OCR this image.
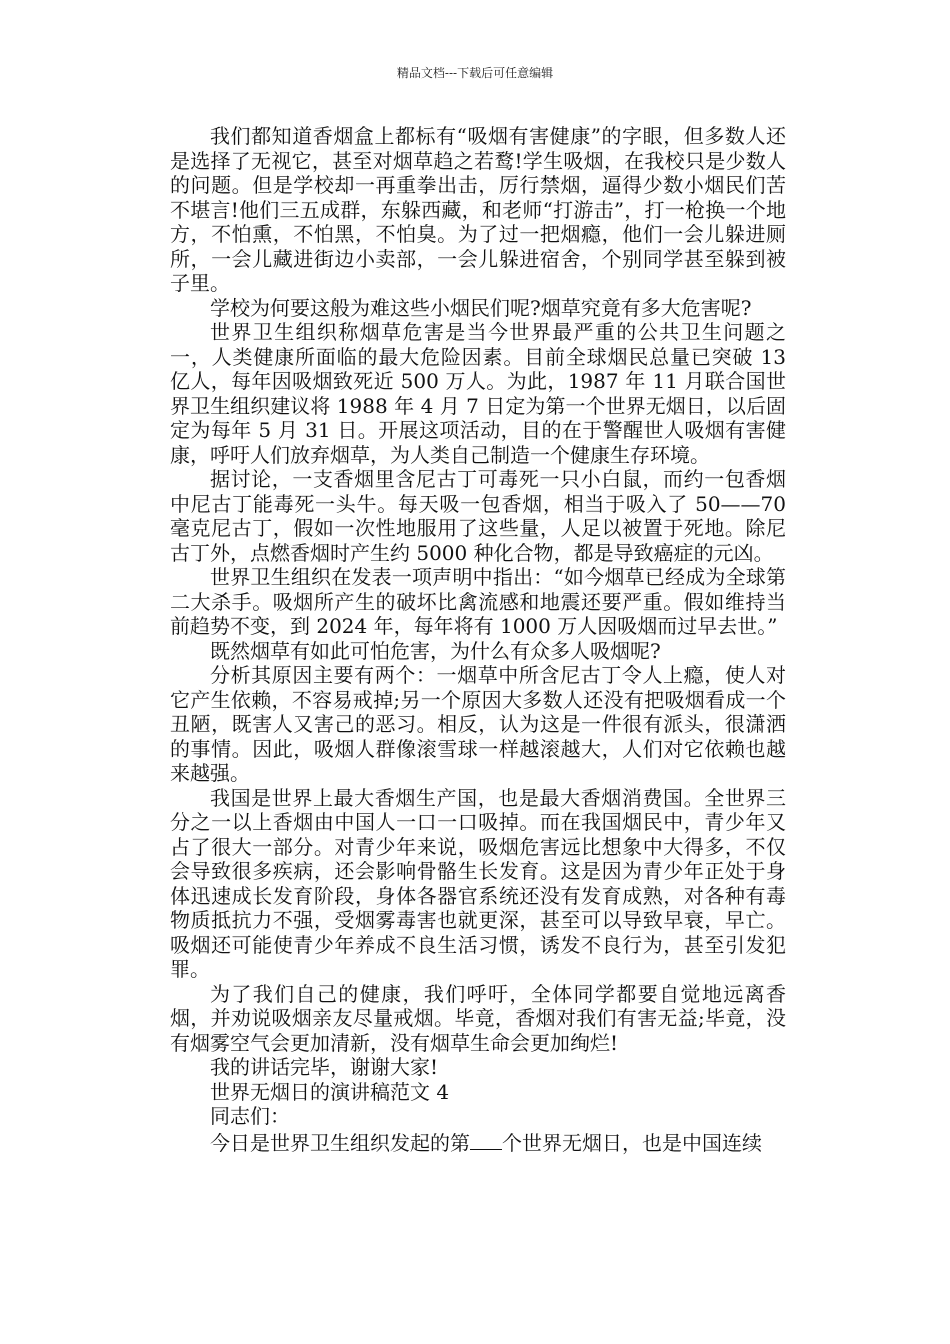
精品文档---下载后可任意编辑

我们都知道香烟盒上都标有“吸烟有害健康”的字眼，但多数人还是选择了无视它，甚至对烟草趋之若鹜!学生吸烟，在我校只是少数人的问题。但是学校却一再重拳出击，厉行禁烟，逼得少数小烟民们苦不堪言!他们三五成群，东躲西藏，和老师“打游击”，打一枪换一个地方，不怕熏，不怕黑，不怕臭。为了过一把烟瘾，他们一会儿躲进厕所，一会儿藏进街边小卖部，一会儿躲进宿舍，个别同学甚至躲到被子里。

学校为何要这般为难这些小烟民们呢?烟草究竟有多大危害呢?

世界卫生组织称烟草危害是当今世界最严重的公共卫生问题之一，人类健康所面临的最大危险因素。目前全球烟民总量已突破 13 亿人，每年因吸烟致死近 500 万人。为此，1987 年 11 月联合国世界卫生组织建议将 1988 年 4 月 7 日定为第一个世界无烟日，以后固定为每年 5 月 31 日。开展这项活动，目的在于警醒世人吸烟有害健康，呼吁人们放弃烟草，为人类自己制造一个健康生存环境。

据讨论，一支香烟里含尼古丁可毒死一只小白鼠，而约一包香烟中尼古丁能毒死一头牛。每天吸一包香烟，相当于吸入了 50——70 毫克尼古丁，假如一次性地服用了这些量，人足以被置于死地。除尼古丁外，点燃香烟时产生约 5000 种化合物，都是导致癌症的元凶。

世界卫生组织在发表一项声明中指出：“如今烟草已经成为全球第二大杀手。吸烟所产生的破坏比禽流感和地震还要严重。假如维持当前趋势不变，到 2024 年，每年将有 1000 万人因吸烟而过早去世。”

既然烟草有如此可怕危害，为什么有众多人吸烟呢?

分析其原因主要有两个：一烟草中所含尼古丁令人上瘾，使人对它产生依赖，不容易戒掉;另一个原因大多数人还没有把吸烟看成一个丑陋，既害人又害己的恶习。相反，认为这是一件很有派头，很潇洒的事情。因此，吸烟人群像滚雪球一样越滚越大，人们对它依赖也越来越强。

我国是世界上最大香烟生产国，也是最大香烟消费国。全世界三分之一以上香烟由中国人一口一口吸掉。而在我国烟民中，青少年又占了很大一部分。对青少年来说，吸烟危害远比想象中大得多，不仅会导致很多疾病，还会影响骨骼生长发育。这是因为青少年正处于身体迅速成长发育阶段，身体各器官系统还没有发育成熟，对各种有毒物质抵抗力不强，受烟雾毒害也就更深，甚至可以导致早衰，早亡。吸烟还可能使青少年养成不良生活习惯，诱发不良行为，甚至引发犯罪。

为了我们自己的健康，我们呼吁，全体同学都要自觉地远离香烟，并劝说吸烟亲友尽量戒烟。毕竟，香烟对我们有害无益;毕竟，没有烟雾空气会更加清新，没有烟草生命会更加绚烂!

我的讲话完毕，谢谢大家!

世界无烟日的演讲稿范文 4

同志们：

今日是世界卫生组织发起的第 个世界无烟日，也是中国连续
